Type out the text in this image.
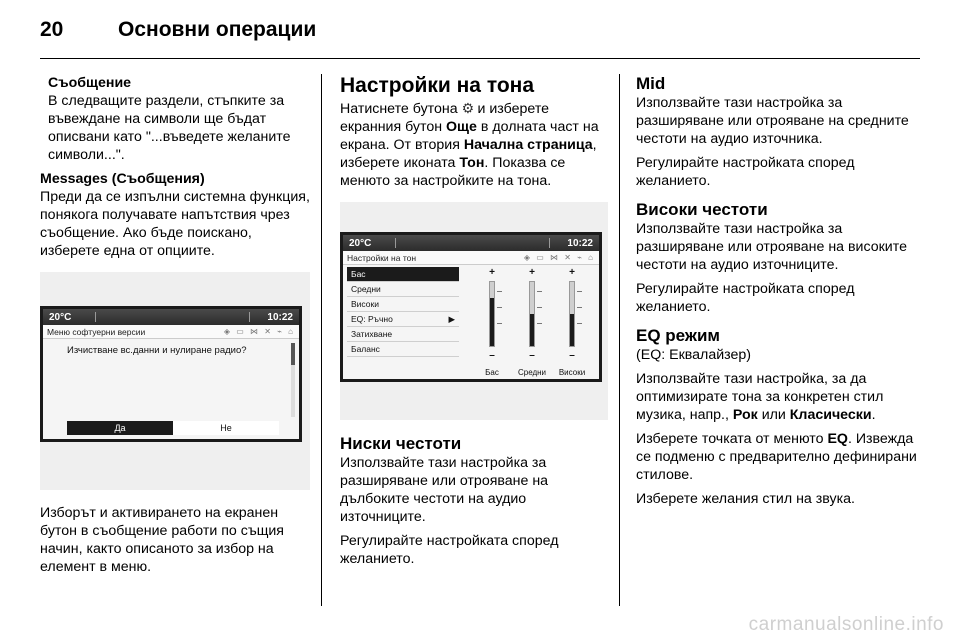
20	Основни операции
Съобщение
В следващите раздели, стъпките за въвеждане на символи ще бъдат описвани като "...въведете желаните символи...".
Messages (Съобщения)
Преди да се изпълни системна функция, понякога получавате напътствия чрез съобщение. Ако бъде поискано, изберете една от опциите.
20°C	10:22
Меню софтуерни версии	◈ ▭ ⋈ ✕ ⌁ ⌂
Изчистване вс.данни и нулиране радио?
Да	Не
Изборът и активирането на екранен бутон в съобщение работи по същия начин, както описаното за избор на елемент в меню.
Настройки на тона
Натиснете бутона ⚙ и изберете екранния бутон Още в долната част на екрана. От втория Начална страница, изберете иконата Тон. Показва се менюто за настройките на тона.
20°C	10:22
Настройки на тон	◈ ▭ ⋈ ✕ ⌁ ⌂
Бас
Средни
Високи
EQ: Ръчно	▶
Затихване
Баланс
+
–
Бас
+
–
Средни
+
–
Високи
Ниски честоти
Използвайте тази настройка за разширяване или отрояване на дълбоките честоти на аудио източниците.
Регулирайте настройката според желанието.
Mid
Използвайте тази настройка за разширяване или отрояване на средните честоти на аудио източника.
Регулирайте настройката според желанието.
Високи честоти
Използвайте тази настройка за разширяване или отрояване на високите честоти на аудио източниците.
Регулирайте настройката според желанието.
EQ режим
(EQ: Еквалайзер)
Използвайте тази настройка, за да оптимизирате тона за конкретен стил музика, напр., Рок или Класически.
Изберете точката от менюто EQ. Извежда се подменю с предварително дефинирани стилове.
Изберете желания стил на звука.
carmanualsonline.info
